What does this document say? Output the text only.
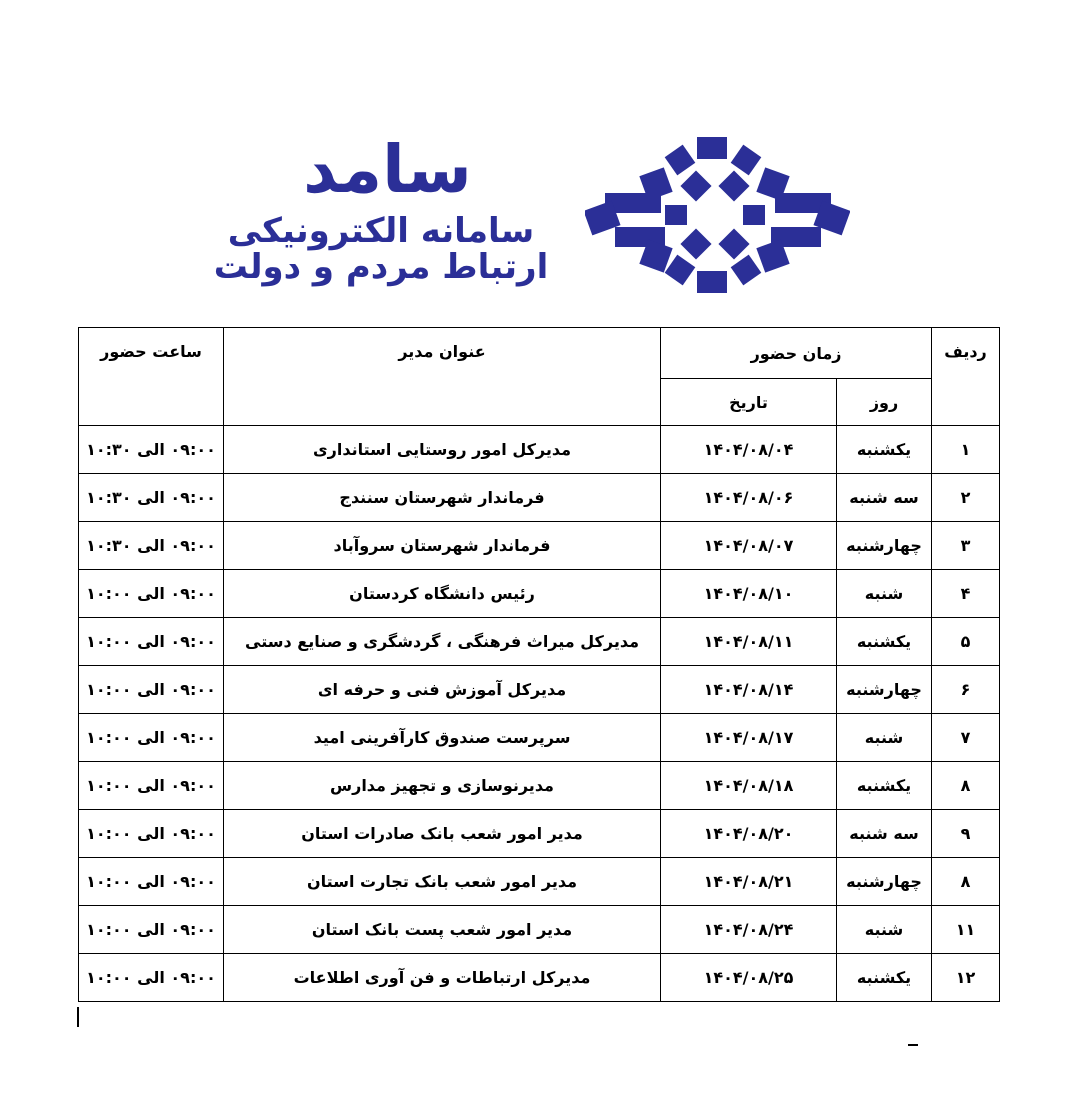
سامد
سامانه الکترونیکی
ارتباط مردم و دولت
ردیف	زمان حضور		عنوان مدیر	ساعت حضور
	روز	تاریخ		
۱	یکشنبه	۱۴۰۴/۰۸/۰۴	مدیرکل امور روستایی استانداری	۰۹:۰۰ الی ۱۰:۳۰
۲	سه شنبه	۱۴۰۴/۰۸/۰۶	فرماندار شهرستان سنندج	۰۹:۰۰ الی ۱۰:۳۰
۳	چهارشنبه	۱۴۰۴/۰۸/۰۷	فرماندار شهرستان سروآباد	۰۹:۰۰ الی ۱۰:۳۰
۴	شنبه	۱۴۰۴/۰۸/۱۰	رئیس دانشگاه کردستان	۰۹:۰۰ الی ۱۰:۰۰
۵	یکشنبه	۱۴۰۴/۰۸/۱۱	مدیرکل میراث فرهنگی ، گردشگری و صنایع دستی	۰۹:۰۰ الی ۱۰:۰۰
۶	چهارشنبه	۱۴۰۴/۰۸/۱۴	مدیرکل آموزش فنی و حرفه ای	۰۹:۰۰ الی ۱۰:۰۰
۷	شنبه	۱۴۰۴/۰۸/۱۷	سرپرست صندوق کارآفرینی امید	۰۹:۰۰ الی ۱۰:۰۰
۸	یکشنبه	۱۴۰۴/۰۸/۱۸	مدیرنوسازی و تجهیز مدارس	۰۹:۰۰ الی ۱۰:۰۰
۹	سه شنبه	۱۴۰۴/۰۸/۲۰	مدیر امور شعب بانک صادرات استان	۰۹:۰۰ الی ۱۰:۰۰
۸	چهارشنبه	۱۴۰۴/۰۸/۲۱	مدیر امور شعب بانک تجارت استان	۰۹:۰۰ الی ۱۰:۰۰
۱۱	شنبه	۱۴۰۴/۰۸/۲۴	مدیر امور شعب پست بانک استان	۰۹:۰۰ الی ۱۰:۰۰
۱۲	یکشنبه	۱۴۰۴/۰۸/۲۵	مدیرکل ارتباطات و فن آوری اطلاعات	۰۹:۰۰ الی ۱۰:۰۰
